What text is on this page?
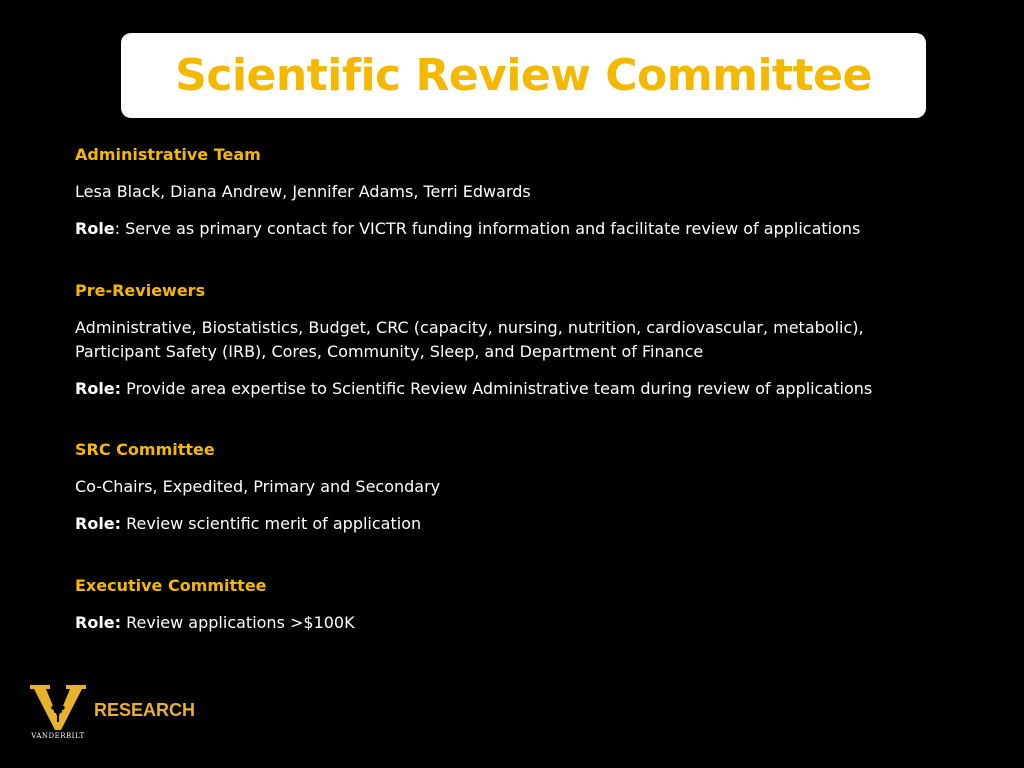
Scientific Review Committee
Administrative Team
Lesa Black, Diana Andrew, Jennifer Adams, Terri Edwards
Role: Serve as primary contact for VICTR funding information and facilitate review of applications
Pre-Reviewers
Administrative, Biostatistics, Budget, CRC (capacity, nursing, nutrition, cardiovascular, metabolic),
Participant Safety (IRB), Cores, Community, Sleep, and Department of Finance
Role: Provide area expertise to Scientific Review Administrative team during review of applications
SRC Committee
Co-Chairs, Expedited, Primary and Secondary
Role: Review scientific merit of application
Executive Committee
Role: Review applications >$100K
VANDERBILT
RESEARCH
